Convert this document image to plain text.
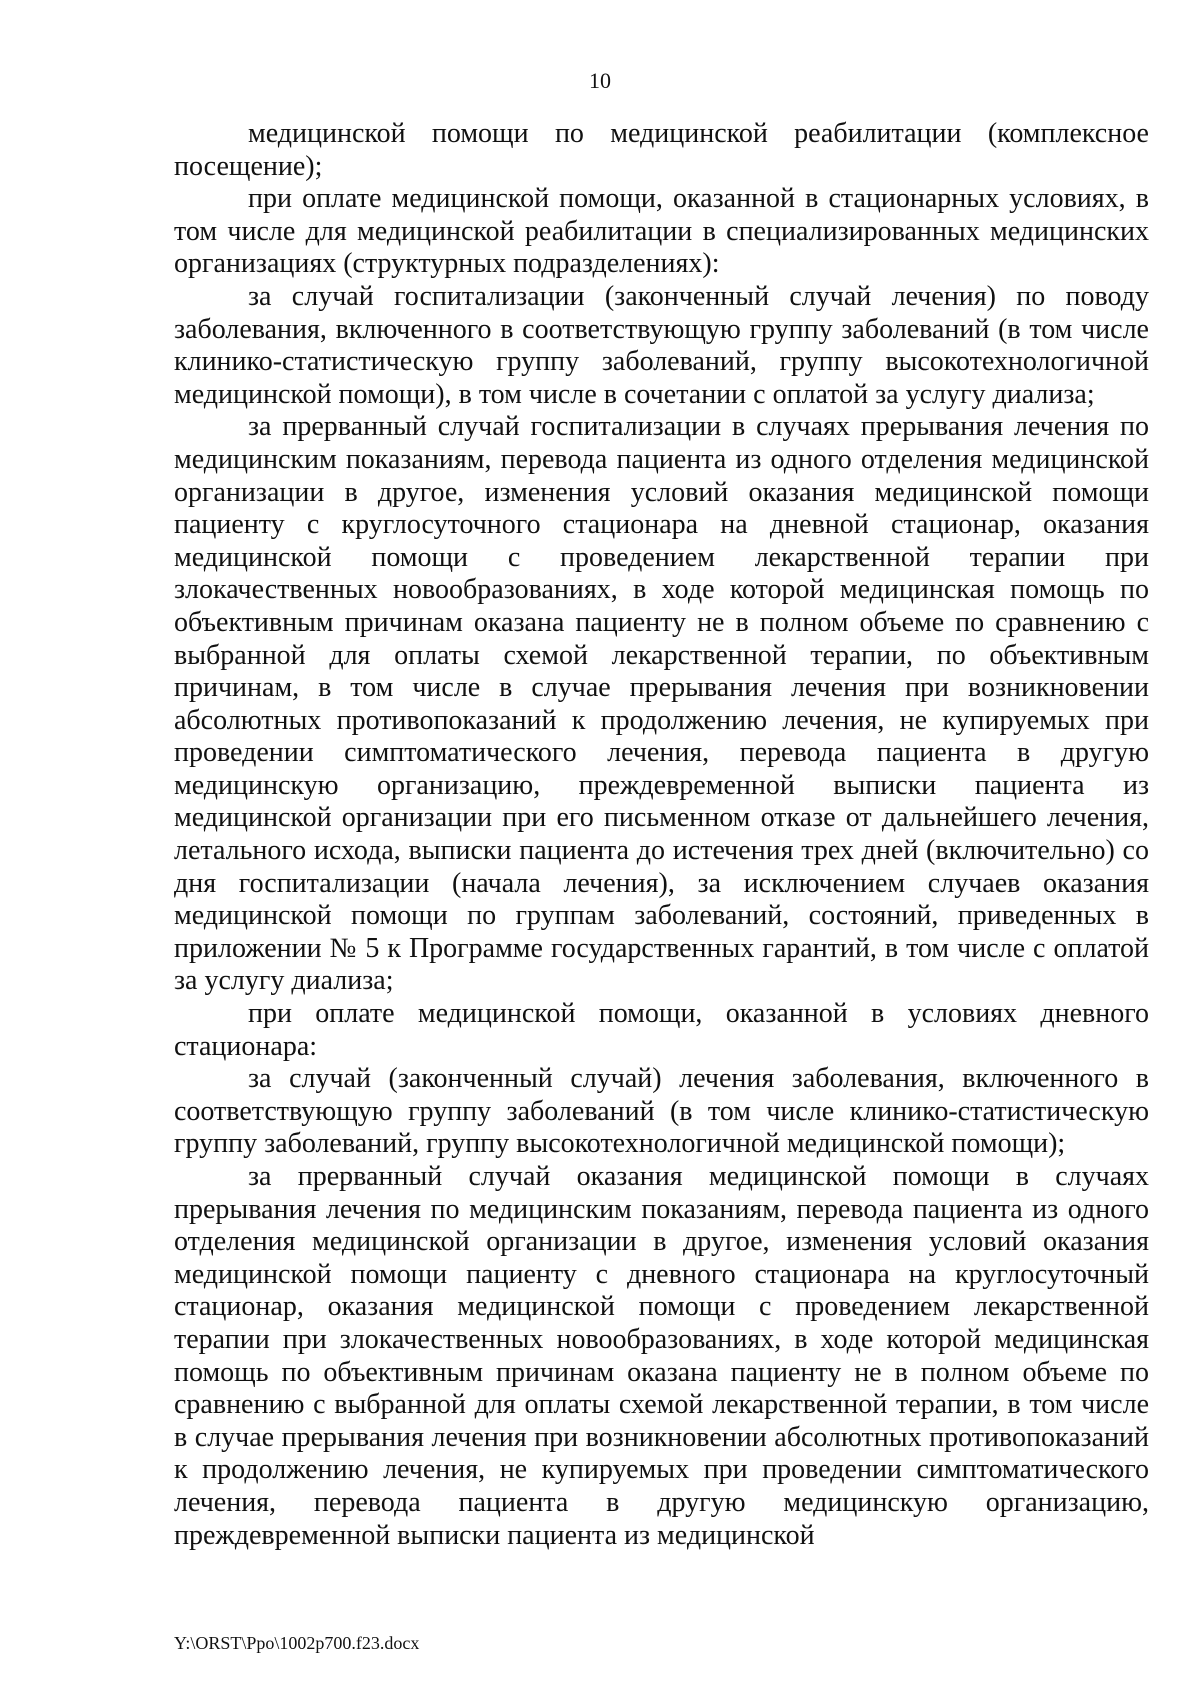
10

медицинской помощи по медицинской реабилитации (комплексное посещение);

при оплате медицинской помощи, оказанной в стационарных условиях, в том числе для медицинской реабилитации в специализированных медицинских организациях (структурных подразделениях):

за случай госпитализации (законченный случай лечения) по поводу заболевания, включенного в соответствующую группу заболеваний (в том числе клинико-статистическую группу заболеваний, группу высокотехнологичной медицинской помощи), в том числе в сочетании с оплатой за услугу диализа;

за прерванный случай госпитализации в случаях прерывания лечения по медицинским показаниям, перевода пациента из одного отделения медицинской организации в другое, изменения условий оказания медицинской помощи пациенту с круглосуточного стационара на дневной стационар, оказания медицинской помощи с проведением лекарственной терапии при злокачественных новообразованиях, в ходе которой медицинская помощь по объективным причинам оказана пациенту не в полном объеме по сравнению с выбранной для оплаты схемой лекарственной терапии, по объективным причинам, в том числе в случае прерывания лечения при возникновении абсолютных противопоказаний к продолжению лечения, не купируемых при проведении симптоматического лечения, перевода пациента в другую медицинскую организацию, преждевременной выписки пациента из медицинской организации при его письменном отказе от дальнейшего лечения, летального исхода, выписки пациента до истечения трех дней (включительно) со дня госпитализации (начала лечения), за исключением случаев оказания медицинской помощи по группам заболеваний, состояний, приведенных в приложении № 5 к Программе государственных гарантий, в том числе с оплатой за услугу диализа;

при оплате медицинской помощи, оказанной в условиях дневного стационара:

за случай (законченный случай) лечения заболевания, включенного в соответствующую группу заболеваний (в том числе клинико-статистическую группу заболеваний, группу высокотехнологичной медицинской помощи);

за прерванный случай оказания медицинской помощи в случаях прерывания лечения по медицинским показаниям, перевода пациента из одного отделения медицинской организации в другое, изменения условий оказания медицинской помощи пациенту с дневного стационара на круглосуточный стационар, оказания медицинской помощи с проведением лекарственной терапии при злокачественных новообразованиях, в ходе которой медицинская помощь по объективным причинам оказана пациенту не в полном объеме по сравнению с выбранной для оплаты схемой лекарственной терапии, в том числе в случае прерывания лечения при возникновении абсолютных противопоказаний к продолжению лечения, не купируемых при проведении симптоматического лечения, перевода пациента в другую медицинскую организацию, преждевременной выписки пациента из медицинской

Y:\ORST\Ppo\1002p700.f23.docx
